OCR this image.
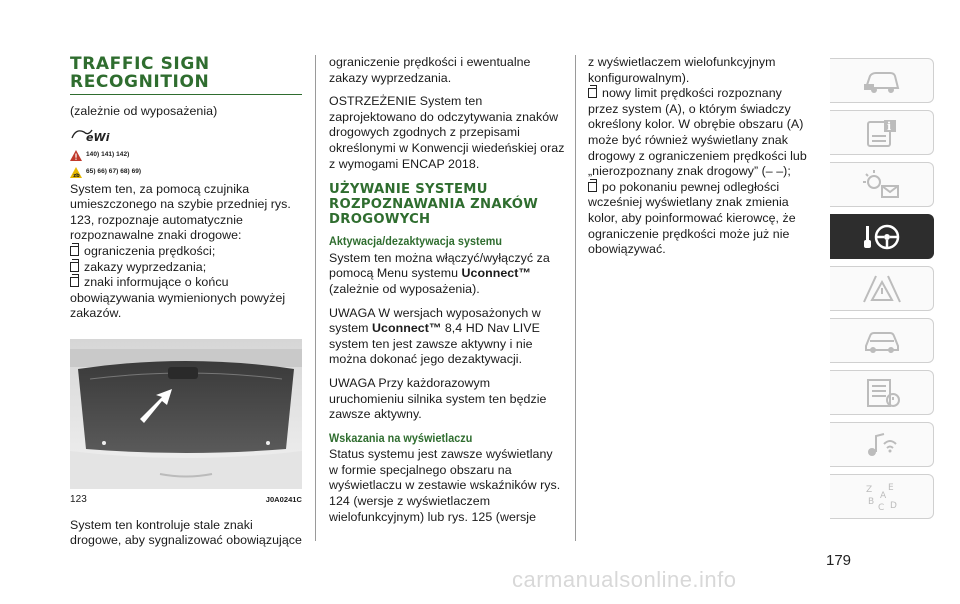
TRAFFIC SIGN
RECOGNITION

(zależnie od wyposażenia)

eWi
140) 141) 142)
zb
65) 66) 67) 68) 69)

System ten, za pomocą czujnika umieszczonego na szybie przedniej rys. 123, rozpoznaje automatycznie rozpoznawalne znaki drogowe:

ograniczenia prędkości;
zakazy wyprzedzania;
znaki informujące o końcu obowiązywania wymienionych powyżej zakazów.
123	J0A0241C

System ten kontroluje stale znaki drogowe, aby sygnalizować obowiązujące

ograniczenie prędkości i ewentualne zakazy wyprzedzania.

OSTRZEŻENIE System ten zaprojektowano do odczytywania znaków drogowych zgodnych z przepisami określonymi w Konwencji wiedeńskiej oraz z wymogami ENCAP 2018.

UŻYWANIE SYSTEMU ROZPOZNAWANIA ZNAKÓW DROGOWYCH
Aktywacja/dezaktywacja systemu

System ten można włączyć/wyłączyć za pomocą Menu systemu Uconnect™ (zależnie od wyposażenia).

UWAGA W wersjach wyposażonych w system Uconnect™ 8,4 HD Nav LIVE system ten jest zawsze aktywny i nie można dokonać jego dezaktywacji.

UWAGA Przy każdorazowym uruchomieniu silnika system ten będzie zawsze aktywny.

Wskazania na wyświetlaczu

Status systemu jest zawsze wyświetlany w formie specjalnego obszaru na wyświetlaczu w zestawie wskaźników rys. 124 (wersje z wyświetlaczem wielofunkcyjnym) lub rys. 125 (wersje

z wyświetlaczem wielofunkcyjnym konfigurowalnym).

nowy limit prędkości rozpoznany przez system (A), o którym świadczy określony kolor. W obrębie obszaru (A) może być również wyświetlany znak drogowy z ograniczeniem prędkości lub „nierozpoznany znak drogowy” (– –);
po pokonaniu pewnej odległości wcześniej wyświetlany znak zmienia kolor, aby poinformować kierowcę, że ograniczenie prędkości może już nie obowiązywać.
i
Z E
B
C D
A
179
carmanualsonline.info
